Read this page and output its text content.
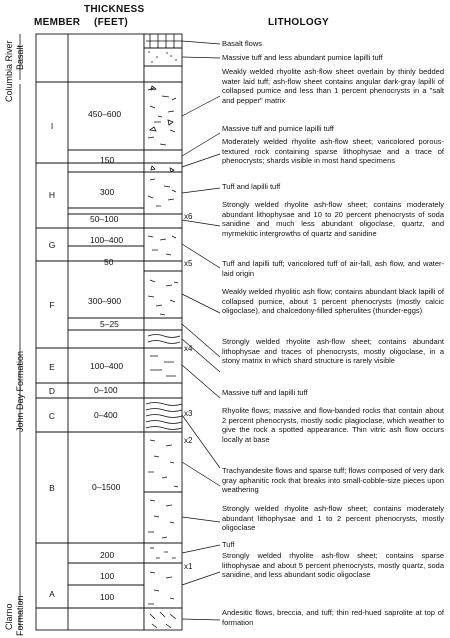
THICKNESS
MEMBER (FEET)	LITHOLOGY
Columbia River Basalt
John Day Formation
Clarno Formation
I
H
G
F
E
D
C
B
A
450–600
150
300
50–100
100–400
50
300–900
5–25
100–400
0–100
0–400
0–1500
200
100
100
x6
x5
x4
x3
x2
x1
Basalt flows
Massive tuff and less abundant pumice lapilli tuff
Weakly welded rhyolite ash-flow sheet overlain by thinly bedded water laid tuff; ash-flow sheet contains angular dark-gray lapilli of collapsed pumice and less than 1 percent phenocrysts in a "salt and pepper" matrix
Massive tuff and pumice lapilli tuff
Moderately welded rhyolite ash-flow sheet; varicolored porous-textured rock containing sparse lithophysae and a trace of phenocrysts; shards visible in most hand specimens
Tuff and lapilli tuff
Strongly welded rhyolite ash-flow sheet; contains moderately abundant lithophysae and 10 to 20 percent phenocrysts of soda sanidine and much less abundant oligoclase, quartz, and myrmekitic intergrowths of quartz and sanidine
Tuff and lapilli tuff; varicolored tuff of air-fall, ash flow, and water-laid origin
Weakly welded rhyolitic ash flow; contains abundant black lapilli of collapsed pumice, about 1 percent phenocrysts (mostly calcic oligoclase), and chalcedony-filled spherulites (thunder-eggs)
Strongly welded rhyolite ash-flow sheet; contains abundant lithophysae and traces of phenocrysts, mostly oligoclase, in a stony matrix in which shard structure is rarely visible
Massive tuff and lapilli tuff
Rhyolite flows; massive and flow-banded rocks that contain about 2 percent phenocrysts, mostly sodic plagioclase, which weather to give the rock a spotted appearance. Thin vitric ash flow occurs locally at base
Trachyandesite flows and sparse tuff; flows composed of very dark gray aphanitic rock that breaks into small-cobble-size pieces upon weathering
Strongly welded rhyolite ash-flow sheet; contains moderately abundant lithophysae and 1 to 2 percent phenocrysts, mostly oligoclase
Tuff
Strongly welded rhyolite ash-flow sheet; contains sparse lithophysae and about 5 percent phenocrysts, mostly quartz, soda sanidine, and less abundant sodic oligoclase
Andesitic flows, breccia, and tuff; thin red-hued saprolite at top of formation
